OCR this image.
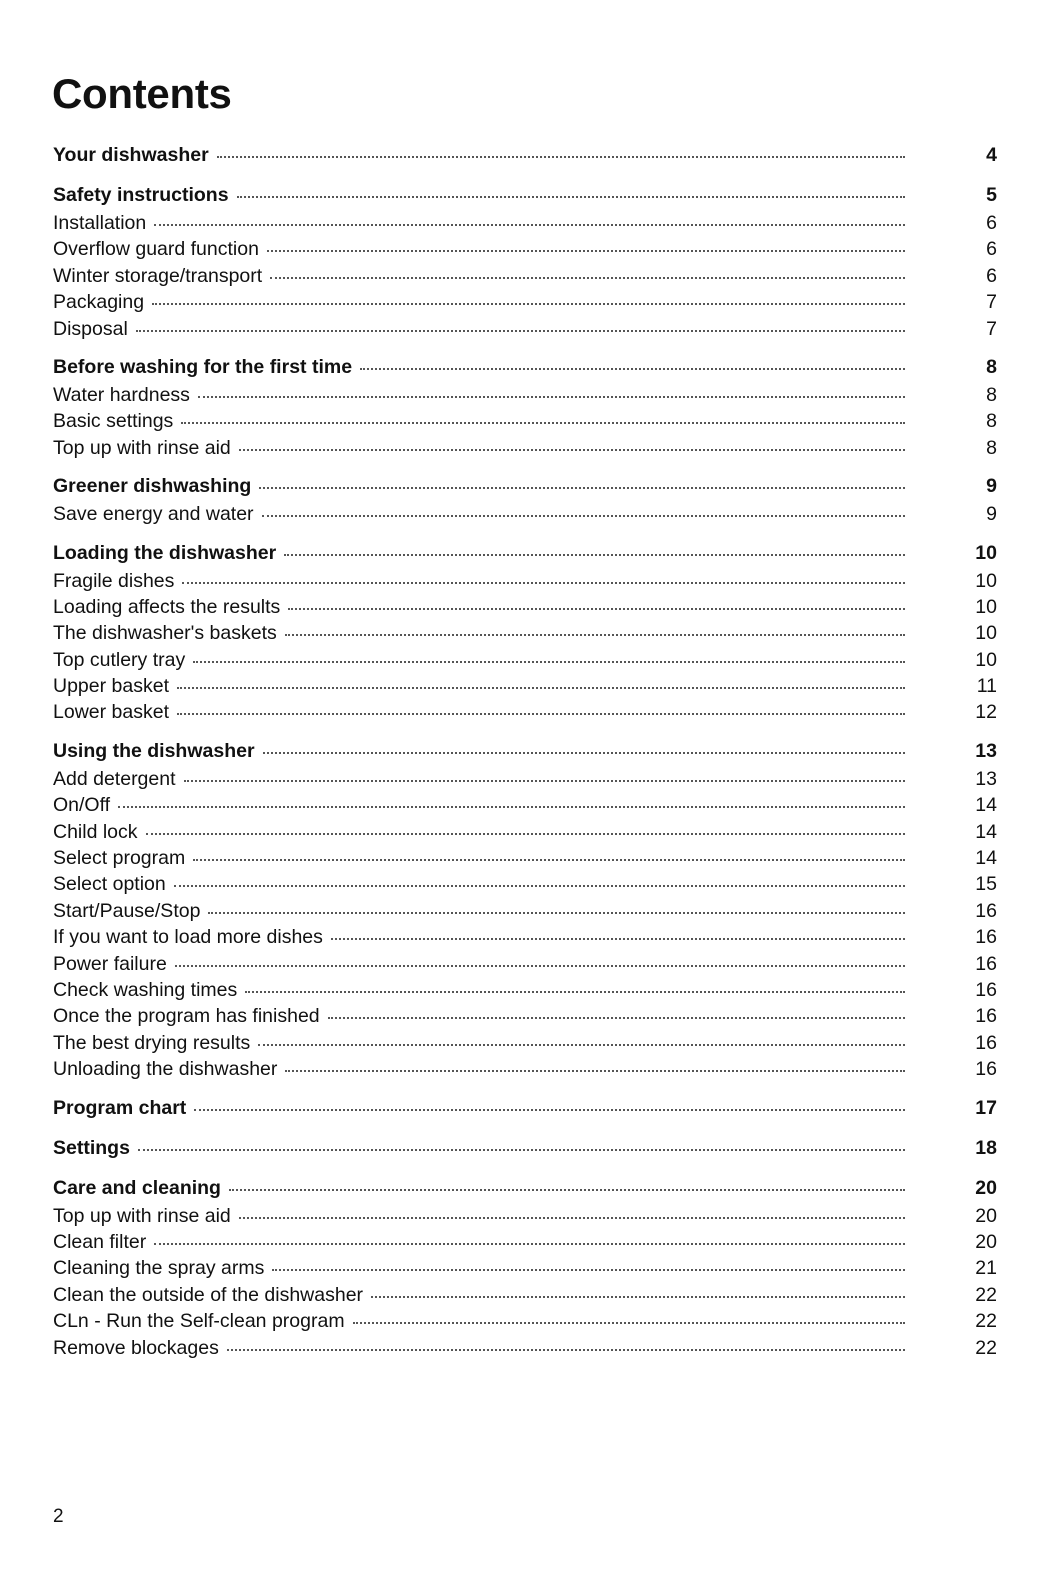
Contents
Your dishwasher	4
Safety instructions	5
Installation	6
Overflow guard function	6
Winter storage/transport	6
Packaging	7
Disposal	7
Before washing for the first time	8
Water hardness	8
Basic settings	8
Top up with rinse aid	8
Greener dishwashing	9
Save energy and water	9
Loading the dishwasher	10
Fragile dishes	10
Loading affects the results	10
The dishwasher's baskets	10
Top cutlery tray	10
Upper basket	11
Lower basket	12
Using the dishwasher	13
Add detergent	13
On/Off	14
Child lock	14
Select program	14
Select option	15
Start/Pause/Stop	16
If you want to load more dishes	16
Power failure	16
Check washing times	16
Once the program has finished	16
The best drying results	16
Unloading the dishwasher	16
Program chart	17
Settings	18
Care and cleaning	20
Top up with rinse aid	20
Clean filter	20
Cleaning the spray arms	21
Clean the outside of the dishwasher	22
CLn - Run the Self-clean program	22
Remove blockages	22
2
